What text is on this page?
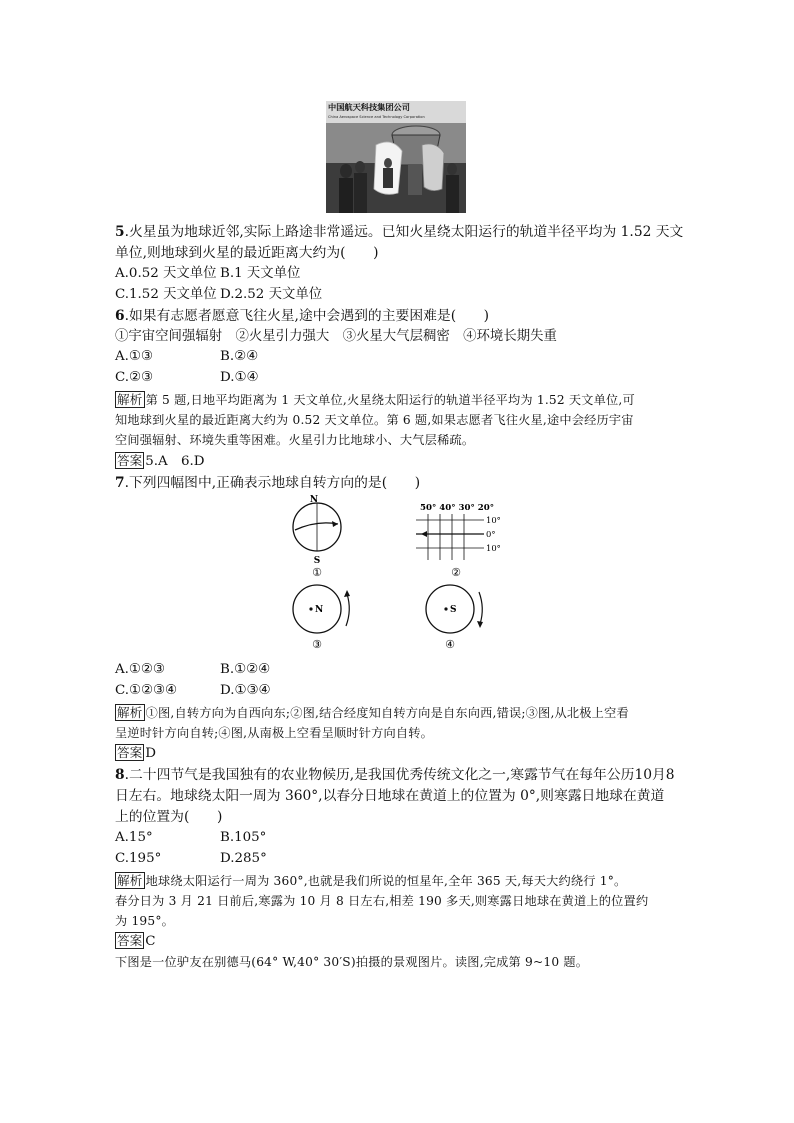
中国航天科技集团公司
China Aerospace Science and Technology Corporation
5.火星虽为地球近邻,实际上路途非常遥远。已知火星绕太阳运行的轨道半径平均为 1.52 天文
单位,则地球到火星的最近距离大约为(　　)
A.0.52 天文单位 B.1 天文单位
C.1.52 天文单位 D.2.52 天文单位
6.如果有志愿者愿意飞往火星,途中会遇到的主要困难是(　　)
①宇宙空间强辐射　②火星引力强大　③火星大气层稠密　④环境长期失重
A.①③	B.②④
C.②③	D.①④
解析 第 5 题,日地平均距离为 1 天文单位,火星绕太阳运行的轨道半径平均为 1.52 天文单位,可
知地球到火星的最近距离大约为 0.52 天文单位。第 6 题,如果志愿者飞往火星,途中会经历宇宙
空间强辐射、环境失重等困难。火星引力比地球小、大气层稀疏。
答案 5.A　6.D
7.下列四幅图中,正确表示地球自转方向的是(　　)
N
S
①
50° 40° 30° 20°
10°
0°
10°
②
N
③
S
④
A.①②③	B.①②④
C.①②③④	D.①③④
解析 ①图,自转方向为自西向东;②图,结合经度知自转方向是自东向西,错误;③图,从北极上空看
呈逆时针方向自转;④图,从南极上空看呈顺时针方向自转。
答案 D
8.二十四节气是我国独有的农业物候历,是我国优秀传统文化之一,寒露节气在每年公历10月8
日左右。地球绕太阳一周为 360°,以春分日地球在黄道上的位置为 0°,则寒露日地球在黄道
上的位置为(　　)
A.15°	B.105°
C.195°	D.285°
解析 地球绕太阳运行一周为 360°,也就是我们所说的恒星年,全年 365 天,每天大约绕行 1°。
春分日为 3 月 21 日前后,寒露为 10 月 8 日左右,相差 190 多天,则寒露日地球在黄道上的位置约
为 195°。
答案 C
下图是一位驴友在别德马(64° W,40° 30′S)拍摄的景观图片。读图,完成第 9~10 题。
